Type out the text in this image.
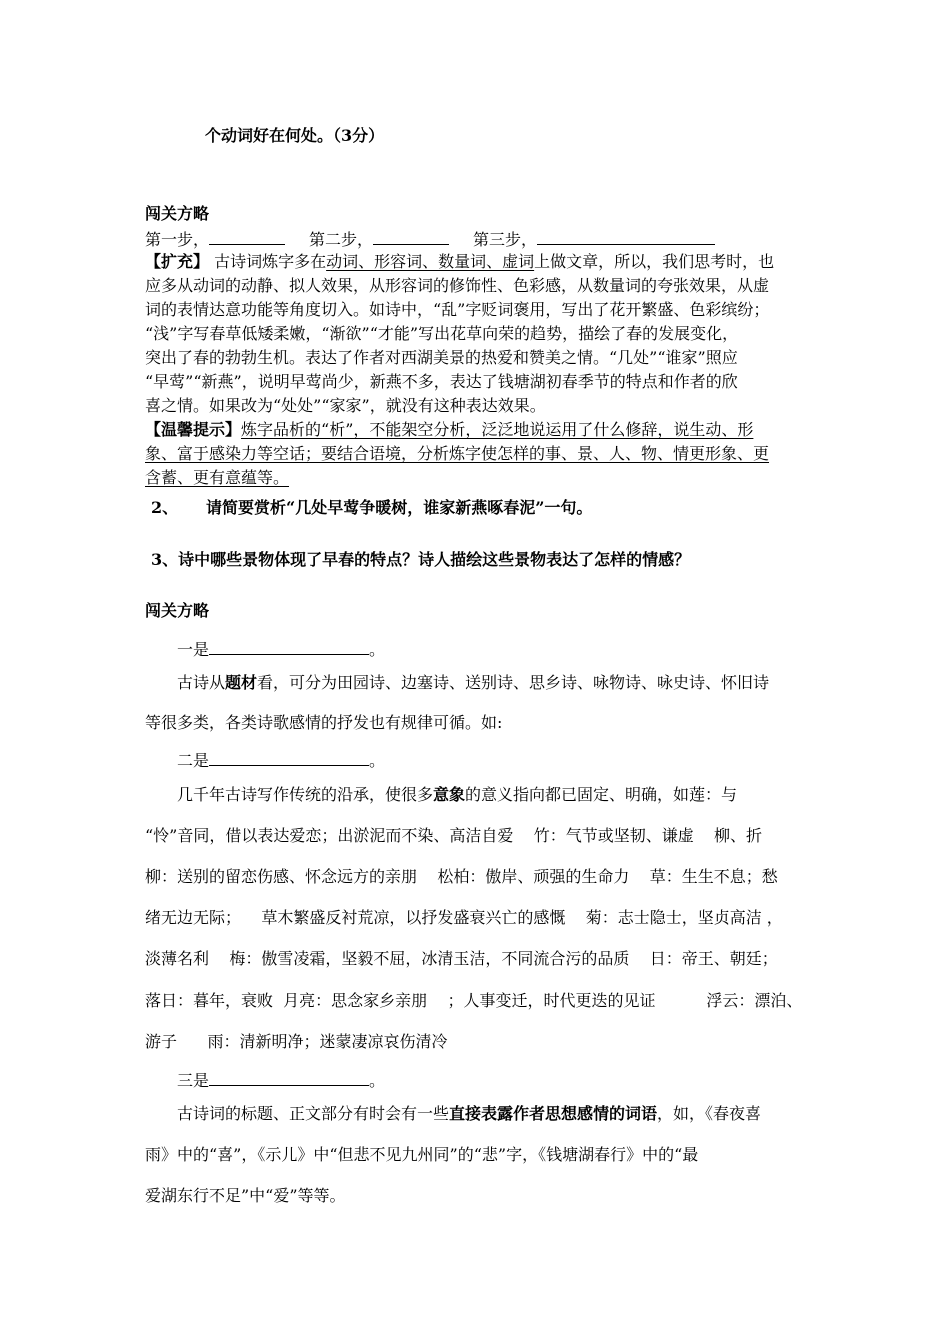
个动词好在何处。（3分）
闯关方略
第一步，	第二步，	第三步，
【扩充】 古诗词炼字多在动词、形容词、数量词、虚词上做文章，所以，我们思考时，也
应多从动词的动静、拟人效果，从形容词的修饰性、色彩感，从数量词的夸张效果，从虚
词的表情达意功能等角度切入。如诗中，“乱”字贬词褒用，写出了花开繁盛、色彩缤纷；
“浅”字写春草低矮柔嫩，“渐欲”“才能”写出花草向荣的趋势，描绘了春的发展变化，
突出了春的勃勃生机。表达了作者对西湖美景的热爱和赞美之情。“几处”“谁家”照应
“早莺”“新燕”，说明早莺尚少，新燕不多，表达了钱塘湖初春季节的特点和作者的欣
喜之情。如果改为“处处”“家家”，就没有这种表达效果。
【温馨提示】炼字品析的“析”，不能架空分析，泛泛地说运用了什么修辞，说生动、形
象、富于感染力等空话；要结合语境，分析炼字使怎样的事、景、人、物、情更形象、更
含蓄、更有意蕴等。
2、     请简要赏析“几处早莺争暖树，谁家新燕啄春泥”一句。
3、诗中哪些景物体现了早春的特点？诗人描绘这些景物表达了怎样的情感？
闯关方略
一是	。
古诗从题材看，可分为田园诗、边塞诗、送别诗、思乡诗、咏物诗、咏史诗、怀旧诗
等很多类，各类诗歌感情的抒发也有规律可循。如:
二是	。
几千年古诗写作传统的沿承，使很多意象的意义指向都已固定、明确，如莲：与
“怜”音同，借以表达爱恋；出淤泥而不染、高洁自爱    竹：气节或坚韧、谦虚    柳、折
柳：送别的留恋伤感、怀念远方的亲朋    松柏：傲岸、顽强的生命力    草：生生不息；愁
绪无边无际；    草木繁盛反衬荒凉，以抒发盛衰兴亡的感慨    菊：志士隐士，坚贞高洁 ，
淡薄名利    梅：傲雪凌霜，坚毅不屈，冰清玉洁，不同流合污的品质    日：帝王、朝廷；
落日：暮年，衰败  月亮：思念家乡亲朋    ；人事变迁，时代更迭的见证          浮云：漂泊、
游子      雨：清新明净；迷蒙凄凉哀伤清冷
三是	。
古诗词的标题、正文部分有时会有一些直接表露作者思想感情的词语，如，《春夜喜
雨》中的“喜”，《示儿》中“但悲不见九州同”的“悲”字，《钱塘湖春行》中的“最
爱湖东行不足”中“爱”等等。
